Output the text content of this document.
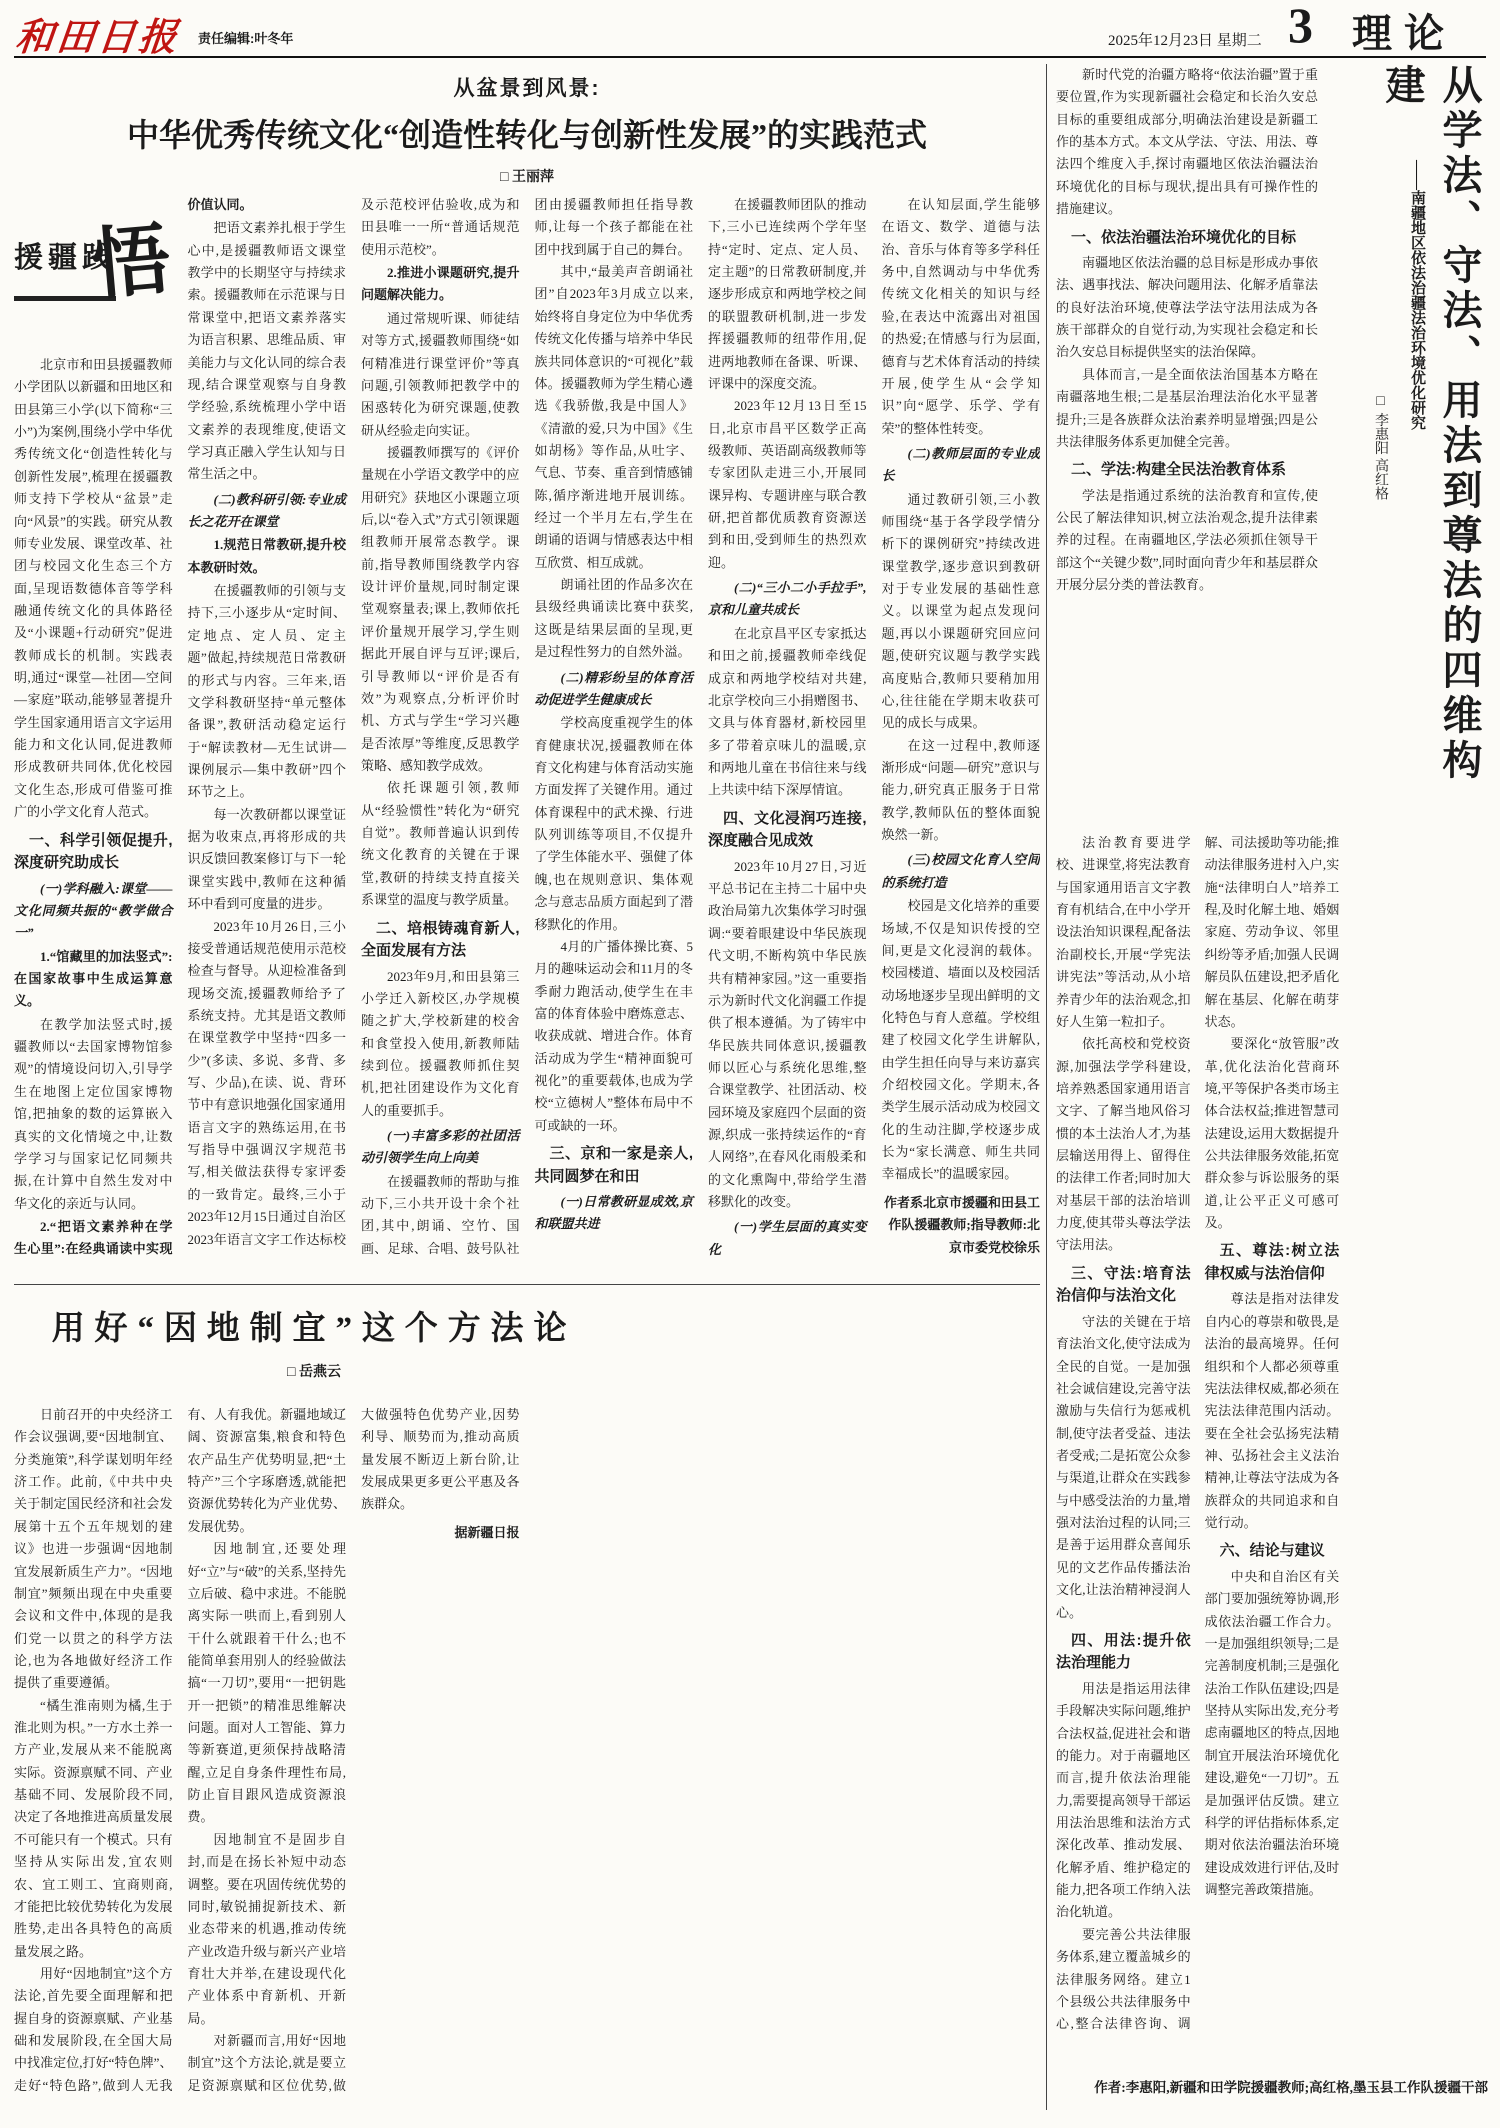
和田日报 责任编辑:叶冬年	2025年12月23日 星期二 3 理论
从盆景到风景:
中华优秀传统文化“创造性转化与创新性发展”的实践范式
□ 王丽萍
援疆践
悟
北京市和田县援疆教师小学团队以新疆和田地区和田县第三小学(以下简称“三小”)为案例,围绕小学中华优秀传统文化“创造性转化与创新性发展”,梳理在援疆教师支持下学校从“盆景”走向“风景”的实践。研究从教师专业发展、课堂改革、社团与校园文化生态三个方面,呈现语数德体音等学科融通传统文化的具体路径及“小课题+行动研究”促进教师成长的机制。实践表明,通过“课堂—社团—空间—家庭”联动,能够显著提升学生国家通用语言文字运用能力和文化认同,促进教师形成教研共同体,优化校园文化生态,形成可借鉴可推广的小学文化育人范式。
一、科学引领促提升,深度研究助成长
(一)学科融入:课堂——文化同频共振的“教学做合一”
1.“馆藏里的加法竖式”:在国家故事中生成运算意义。
在教学加法竖式时,援疆教师以“去国家博物馆参观”的情境设问切入,引导学生在地图上定位国家博物馆,把抽象的数的运算嵌入真实的文化情境之中,让数学学习与国家记忆同频共振,在计算中自然生发对中华文化的亲近与认同。
2.“把语文素养种在学生心里”:在经典诵读中实现价值认同。
把语文素养扎根于学生心中,是援疆教师语文课堂教学中的长期坚守与持续求索。援疆教师在示范课与日常课堂中,把语文素养落实为语言积累、思维品质、审美能力与文化认同的综合表现,结合课堂观察与自身教学经验,系统梳理小学中语文素养的表现维度,使语文学习真正融入学生认知与日常生活之中。
(二)教科研引领:专业成长之花开在课堂
1.规范日常教研,提升校本教研时效。
在援疆教师的引领与支持下,三小逐步从“定时间、定地点、定人员、定主题”做起,持续规范日常教研的形式与内容。三年来,语文学科教研坚持“单元整体备课”,教研活动稳定运行于“解读教材—无生试讲—课例展示—集中教研”四个环节之上。
每一次教研都以课堂证据为收束点,再将形成的共识反馈回教案修订与下一轮课堂实践中,教师在这种循环中看到可度量的进步。
2023年10月26日,三小接受普通话规范使用示范校检查与督导。从迎检准备到现场交流,援疆教师给予了系统支持。尤其是语文教师在课堂教学中坚持“四多一少”(多读、多说、多背、多写、少品),在读、说、背环节中有意识地强化国家通用语言文字的熟练运用,在书写指导中强调汉字规范书写,相关做法获得专家评委的一致肯定。最终,三小于2023年12月15日通过自治区2023年语言文字工作达标校及示范校评估验收,成为和田县唯一一所“普通话规范使用示范校”。
2.推进小课题研究,提升问题解决能力。
通过常规听课、师徒结对等方式,援疆教师围绕“如何精准进行课堂评价”等真问题,引领教师把教学中的困惑转化为研究课题,使教研从经验走向实证。
援疆教师撰写的《评价量规在小学语文教学中的应用研究》获地区小课题立项后,以“卷入式”方式引领课题组教师开展常态教学。课前,指导教师围绕教学内容设计评价量规,同时制定课堂观察量表;课上,教师依托评价量规开展学习,学生则据此开展自评与互评;课后,引导教师以“评价是否有效”为观察点,分析评价时机、方式与学生“学习兴趣是否浓厚”等维度,反思教学策略、感知教学成效。
依托课题引领,教师从“经验惯性”转化为“研究自觉”。教师普遍认识到传统文化教育的关键在于课堂,教研的持续支持直接关系课堂的温度与教学质量。
二、培根铸魂育新人,全面发展有方法
2023年9月,和田县第三小学迁入新校区,办学规模随之扩大,学校新建的校舍和食堂投入使用,新教师陆续到位。援疆教师抓住契机,把社团建设作为文化育人的重要抓手。
(一)丰富多彩的社团活动引领学生向上向美
在援疆教师的帮助与推动下,三小共开设十余个社团,其中,朗诵、空竹、国画、足球、合唱、鼓号队社团由援疆教师担任指导教师,让每一个孩子都能在社团中找到属于自己的舞台。
其中,“最美声音朗诵社团”自2023年3月成立以来,始终将自身定位为中华优秀传统文化传播与培养中华民族共同体意识的“可视化”载体。援疆教师为学生精心遴选《我骄傲,我是中国人》《清澈的爱,只为中国》《生如胡杨》等作品,从吐字、气息、节奏、重音到情感铺陈,循序渐进地开展训练。经过一个半月左右,学生在朗诵的语调与情感表达中相互欣赏、相互成就。
朗诵社团的作品多次在县级经典诵读比赛中获奖,这既是结果层面的呈现,更是过程性努力的自然外溢。
(二)精彩纷呈的体育活动促进学生健康成长
学校高度重视学生的体育健康状况,援疆教师在体育文化构建与体育活动实施方面发挥了关键作用。通过体育课程中的武术操、行进队列训练等项目,不仅提升了学生体能水平、强健了体魄,也在规则意识、集体观念与意志品质方面起到了潜移默化的作用。
4月的广播体操比赛、5月的趣味运动会和11月的冬季耐力跑活动,使学生在丰富的体育体验中磨炼意志、收获成就、增进合作。体育活动成为学生“精神面貌可视化”的重要载体,也成为学校“立德树人”整体布局中不可或缺的一环。
三、京和一家是亲人,共同圆梦在和田
(一)日常教研显成效,京和联盟共进
在援疆教师团队的推动下,三小已连续两个学年坚持“定时、定点、定人员、定主题”的日常教研制度,并逐步形成京和两地学校之间的联盟教研机制,进一步发挥援疆教师的纽带作用,促进两地教师在备课、听课、评课中的深度交流。
2023年12月13日至15日,北京市昌平区数学正高级教师、英语副高级教师等专家团队走进三小,开展同课异构、专题讲座与联合教研,把首都优质教育资源送到和田,受到师生的热烈欢迎。
(二)“三小二小手拉手”,京和儿童共成长
在北京昌平区专家抵达和田之前,援疆教师牵线促成京和两地学校结对共建,北京学校向三小捐赠图书、文具与体育器材,新校园里多了带着京味儿的温暖,京和两地儿童在书信往来与线上共读中结下深厚情谊。
四、文化浸润巧连接,深度融合见成效
2023年10月27日,习近平总书记在主持二十届中央政治局第九次集体学习时强调:“要着眼建设中华民族现代文明,不断构筑中华民族共有精神家园。”这一重要指示为新时代文化润疆工作提供了根本遵循。为了铸牢中华民族共同体意识,援疆教师以匠心与系统化思维,整合课堂教学、社团活动、校园环境及家庭四个层面的资源,织成一张持续运作的“育人网络”,在春风化雨般柔和的文化熏陶中,带给学生潜移默化的改变。
(一)学生层面的真实变化
在认知层面,学生能够在语文、数学、道德与法治、音乐与体育等多学科任务中,自然调动与中华优秀传统文化相关的知识与经验,在表达中流露出对祖国的热爱;在情感与行为层面,德育与艺术体育活动的持续开展,使学生从“会学知识”向“愿学、乐学、学有荣”的整体性转变。
(二)教师层面的专业成长
通过教研引领,三小教师围绕“基于各学段学情分析下的课例研究”持续改进课堂教学,逐步意识到教研对于专业发展的基础性意义。以课堂为起点发现问题,再以小课题研究回应问题,使研究议题与教学实践高度贴合,教师只要稍加用心,往往能在学期末收获可见的成长与成果。
在这一过程中,教师逐渐形成“问题—研究”意识与能力,研究真正服务于日常教学,教师队伍的整体面貌焕然一新。
(三)校园文化育人空间的系统打造
校园是文化培养的重要场域,不仅是知识传授的空间,更是文化浸润的载体。校园楼道、墙面以及校园活动场地逐步呈现出鲜明的文化特色与育人意蕴。学校组建了校园文化学生讲解队,由学生担任向导与来访嘉宾介绍校园文化。学期末,各类学生展示活动成为校园文化的生动注脚,学校逐步成长为“家长满意、师生共同幸福成长”的温暖家园。
作者系北京市援疆和田县工作队援疆教师;指导教师:北京市委党校徐乐
用好“因地制宜”这个方法论
□ 岳燕云
日前召开的中央经济工作会议强调,要“因地制宜、分类施策”,科学谋划明年经济工作。此前,《中共中央关于制定国民经济和社会发展第十五个五年规划的建议》也进一步强调“因地制宜发展新质生产力”。“因地制宜”频频出现在中央重要会议和文件中,体现的是我们党一以贯之的科学方法论,也为各地做好经济工作提供了重要遵循。
“橘生淮南则为橘,生于淮北则为枳。”一方水土养一方产业,发展从来不能脱离实际。资源禀赋不同、产业基础不同、发展阶段不同,决定了各地推进高质量发展不可能只有一个模式。只有坚持从实际出发,宜农则农、宜工则工、宜商则商,才能把比较优势转化为发展胜势,走出各具特色的高质量发展之路。
用好“因地制宜”这个方法论,首先要全面理解和把握自身的资源禀赋、产业基础和发展阶段,在全国大局中找准定位,打好“特色牌”、走好“特色路”,做到人无我有、人有我优。新疆地域辽阔、资源富集,粮食和特色农产品生产优势明显,把“土特产”三个字琢磨透,就能把资源优势转化为产业优势、发展优势。
因地制宜,还要处理好“立”与“破”的关系,坚持先立后破、稳中求进。不能脱离实际一哄而上,看到别人干什么就跟着干什么;也不能简单套用别人的经验做法搞“一刀切”,要用“一把钥匙开一把锁”的精准思维解决问题。面对人工智能、算力等新赛道,更须保持战略清醒,立足自身条件理性布局,防止盲目跟风造成资源浪费。
因地制宜不是固步自封,而是在扬长补短中动态调整。要在巩固传统优势的同时,敏锐捕捉新技术、新业态带来的机遇,推动传统产业改造升级与新兴产业培育壮大并举,在建设现代化产业体系中育新机、开新局。
对新疆而言,用好“因地制宜”这个方法论,就是要立足资源禀赋和区位优势,做大做强特色优势产业,因势利导、顺势而为,推动高质量发展不断迈上新台阶,让发展成果更多更公平惠及各族群众。
据新疆日报
新时代党的治疆方略将“依法治疆”置于重要位置,作为实现新疆社会稳定和长治久安总目标的重要组成部分,明确法治建设是新疆工作的基本方式。本文从学法、守法、用法、尊法四个维度入手,探讨南疆地区依法治疆法治环境优化的目标与现状,提出具有可操作性的措施建议。
一、依法治疆法治环境优化的目标
南疆地区依法治疆的总目标是形成办事依法、遇事找法、解决问题用法、化解矛盾靠法的良好法治环境,使尊法学法守法用法成为各族干部群众的自觉行动,为实现社会稳定和长治久安总目标提供坚实的法治保障。
具体而言,一是全面依法治国基本方略在南疆落地生根;二是基层治理法治化水平显著提升;三是各族群众法治素养明显增强;四是公共法律服务体系更加健全完善。
二、学法:构建全民法治教育体系
学法是指通过系统的法治教育和宣传,使公民了解法律知识,树立法治观念,提升法律素养的过程。在南疆地区,学法必须抓住领导干部这个“关键少数”,同时面向青少年和基层群众开展分层分类的普法教育。	从学法、守法、用法到尊法的四维构建
——南疆地区依法治疆法治环境优化研究
□ 李惠阳 高红格
法治教育要进学校、进课堂,将宪法教育与国家通用语言文字教育有机结合,在中小学开设法治知识课程,配备法治副校长,开展“学宪法讲宪法”等活动,从小培养青少年的法治观念,扣好人生第一粒扣子。
依托高校和党校资源,加强法学学科建设,培养熟悉国家通用语言文字、了解当地风俗习惯的本土法治人才,为基层输送用得上、留得住的法律工作者;同时加大对基层干部的法治培训力度,使其带头尊法学法守法用法。
三、守法:培育法治信仰与法治文化
守法的关键在于培育法治文化,使守法成为全民的自觉。一是加强社会诚信建设,完善守法激励与失信行为惩戒机制,使守法者受益、违法者受戒;二是拓宽公众参与渠道,让群众在实践参与中感受法治的力量,增强对法治过程的认同;三是善于运用群众喜闻乐见的文艺作品传播法治文化,让法治精神浸润人心。
四、用法:提升依法治理能力
用法是指运用法律手段解决实际问题,维护合法权益,促进社会和谐的能力。对于南疆地区而言,提升依法治理能力,需要提高领导干部运用法治思维和法治方式深化改革、推动发展、化解矛盾、维护稳定的能力,把各项工作纳入法治化轨道。
要完善公共法律服务体系,建立覆盖城乡的法律服务网络。建立1个县级公共法律服务中心,整合法律咨询、调解、司法援助等功能;推动法律服务进村入户,实施“法律明白人”培养工程,及时化解土地、婚姻家庭、劳动争议、邻里纠纷等矛盾;加强人民调解员队伍建设,把矛盾化解在基层、化解在萌芽状态。
要深化“放管服”改革,优化法治化营商环境,平等保护各类市场主体合法权益;推进智慧司法建设,运用大数据提升公共法律服务效能,拓宽群众参与诉讼服务的渠道,让公平正义可感可及。
五、尊法:树立法律权威与法治信仰
尊法是指对法律发自内心的尊崇和敬畏,是法治的最高境界。任何组织和个人都必须尊重宪法法律权威,都必须在宪法法律范围内活动。要在全社会弘扬宪法精神、弘扬社会主义法治精神,让尊法守法成为各族群众的共同追求和自觉行动。
六、结论与建议
中央和自治区有关部门要加强统筹协调,形成依法治疆工作合力。一是加强组织领导;二是完善制度机制;三是强化法治工作队伍建设;四是坚持从实际出发,充分考虑南疆地区的特点,因地制宜开展法治环境优化建设,避免“一刀切”。五是加强评估反馈。建立科学的评估指标体系,定期对依法治疆法治环境建设成效进行评估,及时调整完善政策措施。
作者:李惠阳,新疆和田学院援疆教师;高红格,墨玉县工作队援疆干部
